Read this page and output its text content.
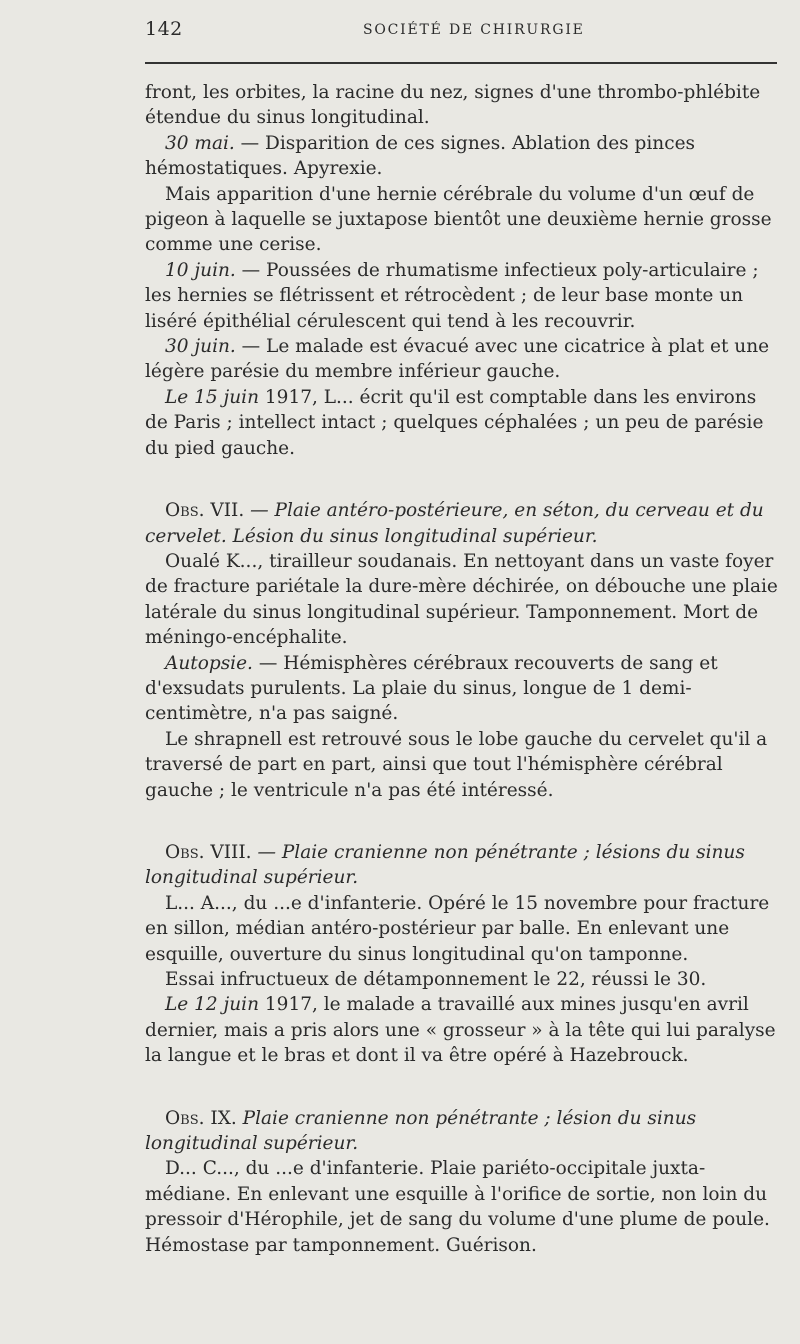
142	SOCIÉTÉ DE CHIRURGIE

front, les orbites, la racine du nez, signes d'une thrombo-phlébite étendue du sinus longitudinal.

30 mai. — Disparition de ces signes. Ablation des pinces hémostatiques. Apyrexie.

Mais apparition d'une hernie cérébrale du volume d'un œuf de pigeon à laquelle se juxtapose bientôt une deuxième hernie grosse comme une cerise.

10 juin. — Poussées de rhumatisme infectieux poly-articulaire ; les hernies se flétrissent et rétrocèdent ; de leur base monte un liséré épithélial cérulescent qui tend à les recouvrir.

30 juin. — Le malade est évacué avec une cicatrice à plat et une légère parésie du membre inférieur gauche.

Le 15 juin 1917, L... écrit qu'il est comptable dans les environs de Paris ; intellect intact ; quelques céphalées ; un peu de parésie du pied gauche.

Obs. VII. — Plaie antéro-postérieure, en séton, du cerveau et du cervelet. Lésion du sinus longitudinal supérieur.

Oualé K..., tirailleur soudanais. En nettoyant dans un vaste foyer de fracture pariétale la dure-mère déchirée, on débouche une plaie latérale du sinus longitudinal supérieur. Tamponnement. Mort de méningo-encéphalite.

Autopsie. — Hémisphères cérébraux recouverts de sang et d'exsudats purulents. La plaie du sinus, longue de 1 demi-centimètre, n'a pas saigné.

Le shrapnell est retrouvé sous le lobe gauche du cervelet qu'il a traversé de part en part, ainsi que tout l'hémisphère cérébral gauche ; le ventricule n'a pas été intéressé.

Obs. VIII. — Plaie cranienne non pénétrante ; lésions du sinus longitudinal supérieur.

L... A..., du ...e d'infanterie. Opéré le 15 novembre pour fracture en sillon, médian antéro-postérieur par balle. En enlevant une esquille, ouverture du sinus longitudinal qu'on tamponne.

Essai infructueux de détamponnement le 22, réussi le 30.

Le 12 juin 1917, le malade a travaillé aux mines jusqu'en avril dernier, mais a pris alors une « grosseur » à la tête qui lui paralyse la langue et le bras et dont il va être opéré à Hazebrouck.

Obs. IX. Plaie cranienne non pénétrante ; lésion du sinus longitudinal supérieur.

D... C..., du ...e d'infanterie. Plaie pariéto-occipitale juxta-médiane. En enlevant une esquille à l'orifice de sortie, non loin du pressoir d'Hérophile, jet de sang du volume d'une plume de poule. Hémostase par tamponnement. Guérison.
